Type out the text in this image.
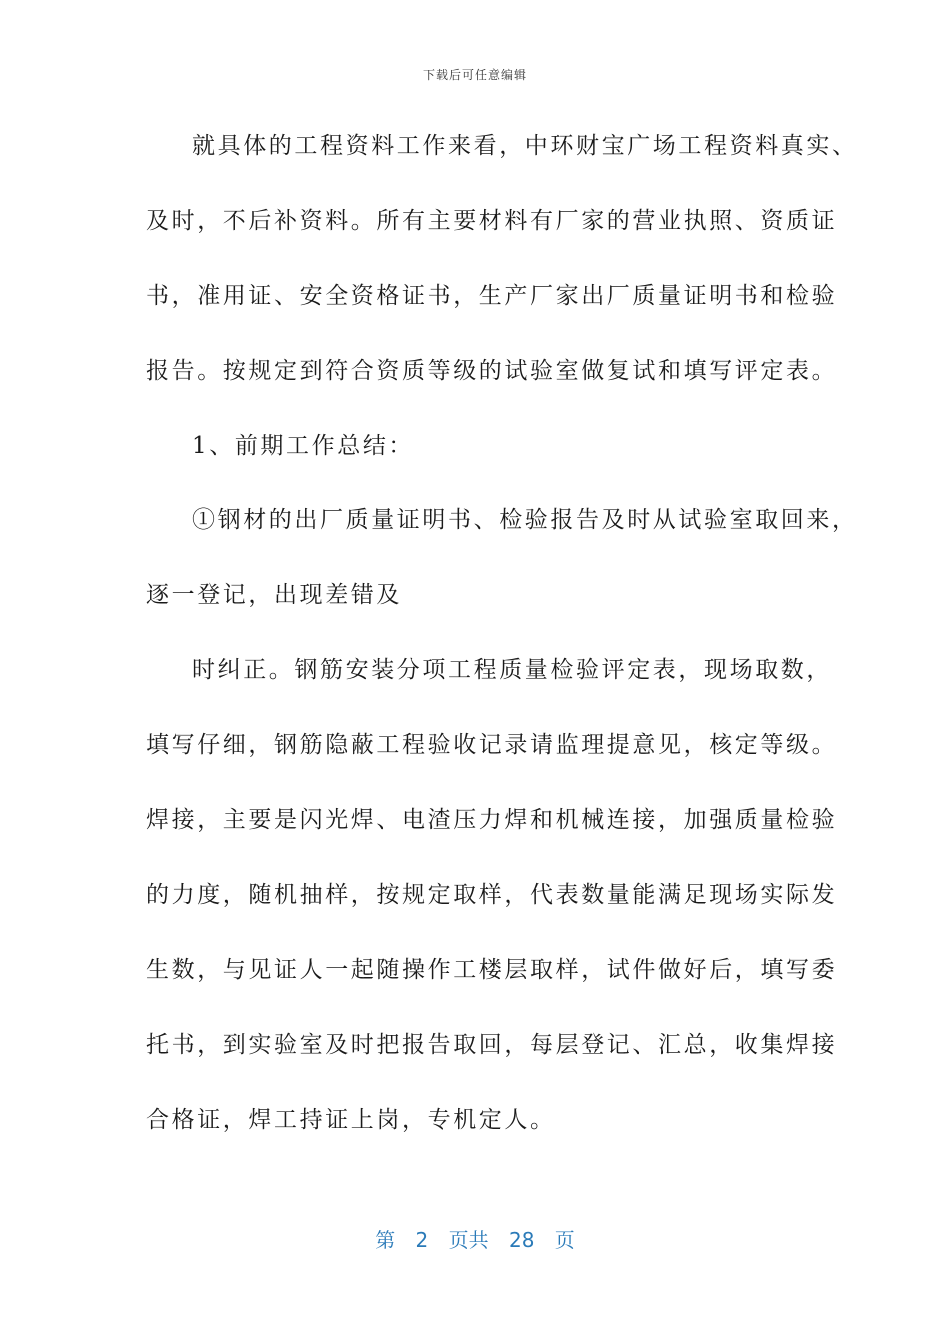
下载后可任意编辑
就具体的工程资料工作来看，中环财宝广场工程资料真实、
及时，不后补资料。所有主要材料有厂家的营业执照、资质证
书，准用证、安全资格证书，生产厂家出厂质量证明书和检验
报告。按规定到符合资质等级的试验室做复试和填写评定表。
1、前期工作总结：
①钢材的出厂质量证明书、检验报告及时从试验室取回来，
逐一登记，出现差错及
时纠正。钢筋安装分项工程质量检验评定表，现场取数，
填写仔细，钢筋隐蔽工程验收记录请监理提意见，核定等级。
焊接，主要是闪光焊、电渣压力焊和机械连接，加强质量检验
的力度，随机抽样，按规定取样，代表数量能满足现场实际发
生数，与见证人一起随操作工楼层取样，试件做好后，填写委
托书，到实验室及时把报告取回，每层登记、汇总，收集焊接
合格证，焊工持证上岗，专机定人。
第 2 页共 28 页
